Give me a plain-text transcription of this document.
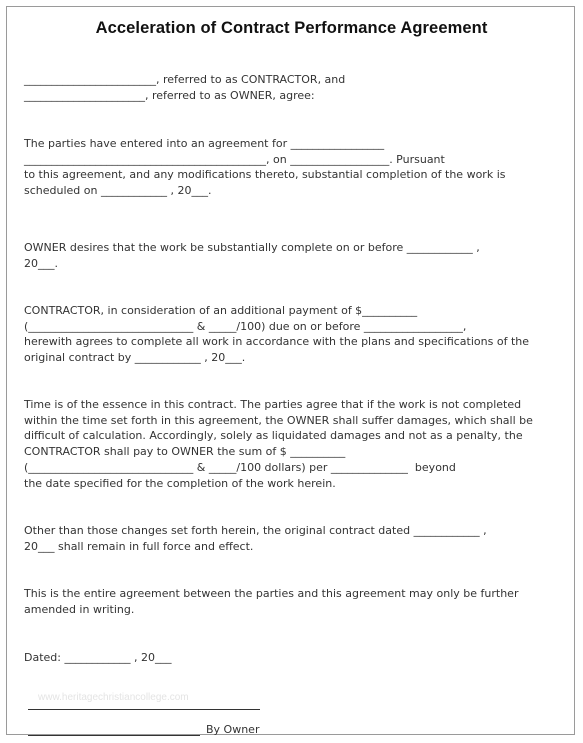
Acceleration of Contract Performance Agreement
________________________, referred to as CONTRACTOR, and
______________________, referred to as OWNER, agree:
The parties have entered into an agreement for _________________
____________________________________________, on __________________. Pursuant
to this agreement, and any modifications thereto, substantial completion of the work is
scheduled on ____________ , 20___.
OWNER desires that the work be substantially complete on or before ____________ ,
20___.
CONTRACTOR, in consideration of an additional payment of $__________
(______________________________ & _____/100) due on or before __________________,
herewith agrees to complete all work in accordance with the plans and specifications of the
original contract by ____________ , 20___.
Time is of the essence in this contract. The parties agree that if the work is not completed
within the time set forth in this agreement, the OWNER shall suffer damages, which shall be
difficult of calculation. Accordingly, solely as liquidated damages and not as a penalty, the
CONTRACTOR shall pay to OWNER the sum of $ __________
(______________________________ & _____/100 dollars) per ______________  beyond
the date specified for the completion of the work herein.
Other than those changes set forth herein, the original contract dated ____________ ,
20___ shall remain in full force and effect.
This is the entire agreement between the parties and this agreement may only be further
amended in writing.
Dated: ____________ , 20___
www.heritagechristiancollege.com
By Owner
